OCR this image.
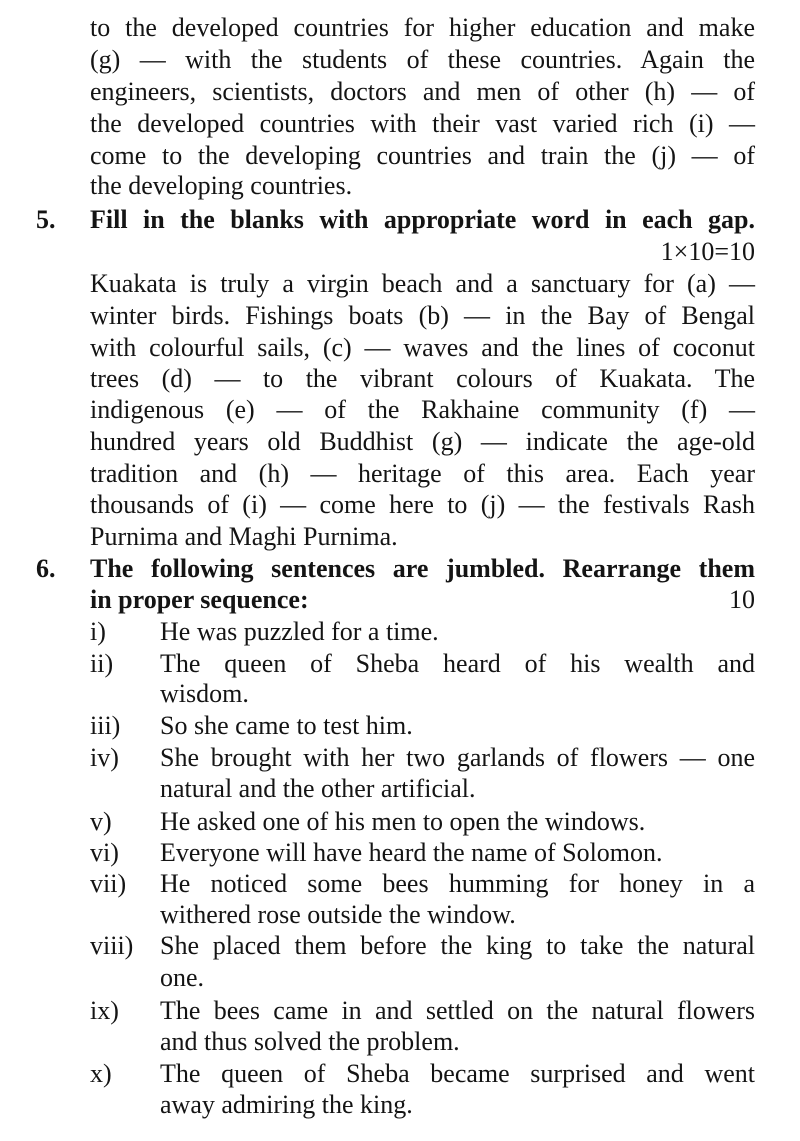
to the developed countries for higher education and make
(g) — with the students of these countries. Again the
engineers, scientists, doctors and men of other (h) — of
the developed countries with their vast varied rich (i) —
come to the developing countries and train the (j) — of
the developing countries.
5. Fill in the blanks with appropriate word in each gap.
1×10=10
Kuakata is truly a virgin beach and a sanctuary for (a) —
winter birds. Fishings boats (b) — in the Bay of Bengal
with colourful sails, (c) — waves and the lines of coconut
trees (d) — to the vibrant colours of Kuakata. The
indigenous (e) — of the Rakhaine community (f) —
hundred years old Buddhist (g) — indicate the age-old
tradition and (h) — heritage of this area. Each year
thousands of (i) — come here to (j) — the festivals Rash
Purnima and Maghi Purnima.
6. The following sentences are jumbled. Rearrange them
in proper sequence:	10
i) He was puzzled for a time.
ii) The queen of Sheba heard of his wealth and
wisdom.
iii) So she came to test him.
iv) She brought with her two garlands of flowers — one
natural and the other artificial.
v) He asked one of his men to open the windows.
vi) Everyone will have heard the name of Solomon.
vii) He noticed some bees humming for honey in a
withered rose outside the window.
viii) She placed them before the king to take the natural
one.
ix) The bees came in and settled on the natural flowers
and thus solved the problem.
x) The queen of Sheba became surprised and went
away admiring the king.
